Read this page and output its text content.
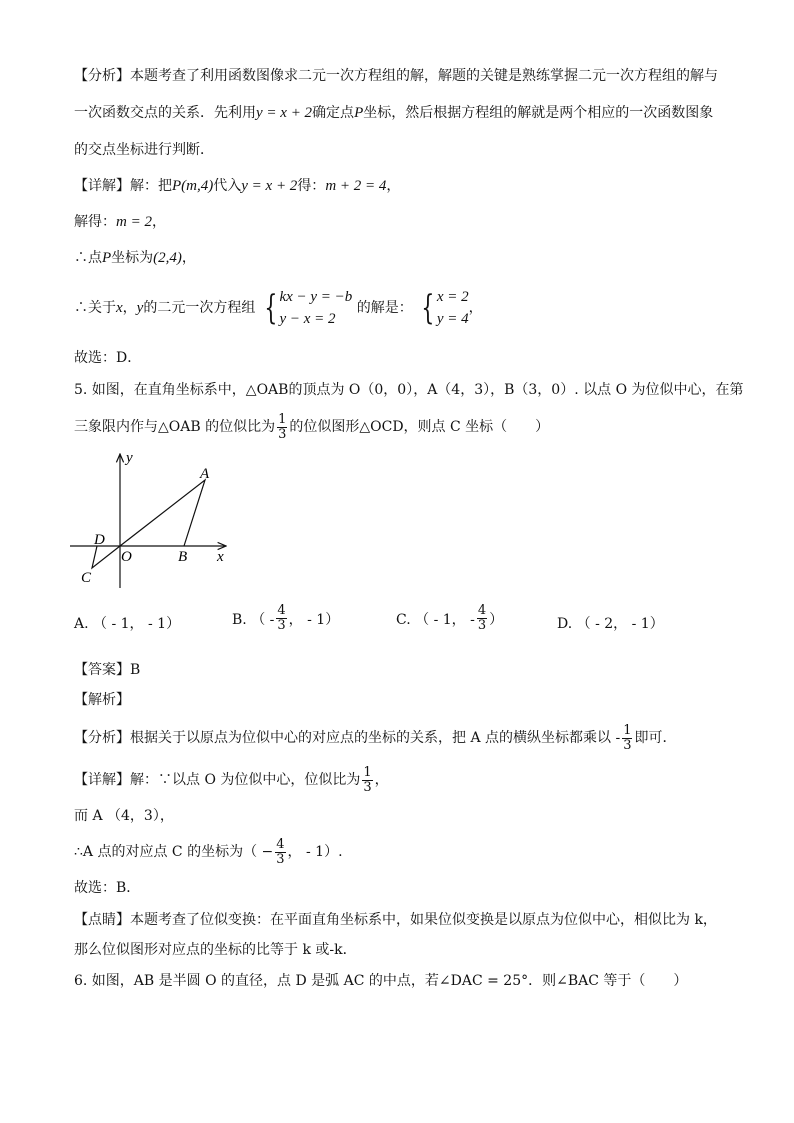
【分析】本题考查了利用函数图像求二元一次方程组的解，解题的关键是熟练掌握二元一次方程组的解与
一次函数交点的关系．先利用y = x + 2确定点P坐标，然后根据方程组的解就是两个相应的一次函数图象
的交点坐标进行判断．
【详解】解：把P(m,4)代入y = x + 2得：m + 2 = 4，
解得：m = 2，
∴点P坐标为(2,4)，
∴关于x，y的二元一次方程组 { kx − y = −b
y − x = 2
的解是： { x = 2
y = 4
，
故选：D．
5. 如图，在直角坐标系中，△OAB的顶点为 O（0，0），A（4，3），B（3，0）. 以点 O 为位似中心，在第
三象限内作与△OAB 的位似比为 $\frac{1}{3}$ 的位似图形△OCD，则点 C 坐标（　　）
y
x
A
B
O
C
D
A. （ - 1， - 1）	B. （ - $\frac{4}{3}$ ， - 1）	C. （ - 1， - $\frac{4}{3}$ ）	D. （ - 2， - 1）
【答案】B
【解析】
【分析】根据关于以原点为位似中心的对应点的坐标的关系，把 A 点的横纵坐标都乘以 - $\frac{1}{3}$ 即可．
【详解】解：∵以点 O 为位似中心，位似比为 $\frac{1}{3}$ ，
而 A （4，3），
∴A 点的对应点 C 的坐标为（ − $\frac{4}{3}$ ， - 1）.
故选：B．
【点睛】本题考查了位似变换：在平面直角坐标系中，如果位似变换是以原点为位似中心，相似比为 k，
那么位似图形对应点的坐标的比等于 k 或-k．
6. 如图，AB 是半圆 O 的直径，点 D 是弧 AC 的中点，若∠DAC = 25°．则∠BAC 等于（　　）
